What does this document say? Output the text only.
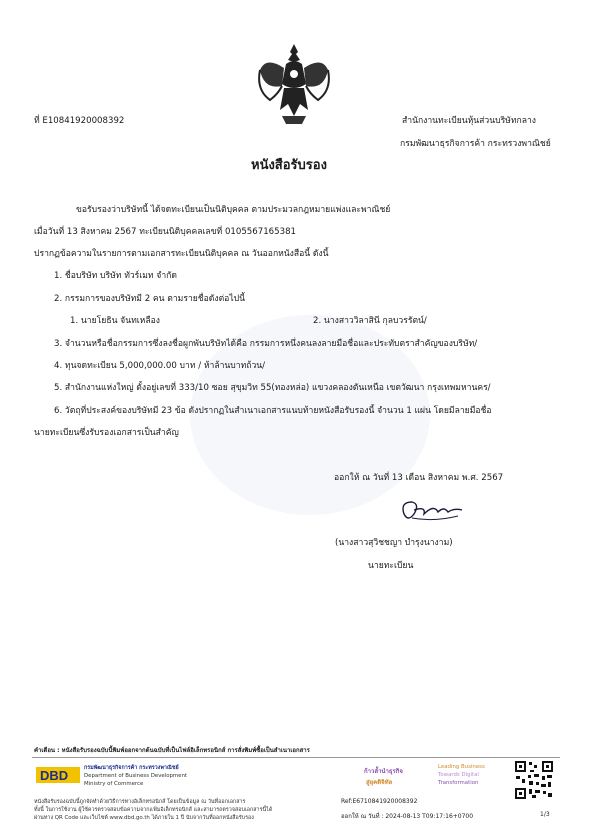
ที่ E10841920008392	สำนักงานทะเบียนหุ้นส่วนบริษัทกลาง
กรมพัฒนาธุรกิจการค้า กระทรวงพาณิชย์
หนังสือรับรอง
ขอรับรองว่าบริษัทนี้ ได้จดทะเบียนเป็นนิติบุคคล ตามประมวลกฎหมายแพ่งและพาณิชย์
เมื่อวันที่ 13 สิงหาคม 2567 ทะเบียนนิติบุคคลเลขที่ 0105567165381
ปรากฏข้อความในรายการตามเอกสารทะเบียนนิติบุคคล ณ วันออกหนังสือนี้ ดังนี้
1. ชื่อบริษัท บริษัท ทัวร์เมท จำกัด
2. กรรมการของบริษัทมี 2 คน ตามรายชื่อดังต่อไปนี้
1. นายโยธิน จันทเหลือง	2. นางสาววิลาสินี กุลบวรรัตน์/
3. จำนวนหรือชื่อกรรมการซึ่งลงชื่อผูกพันบริษัทได้คือ กรรมการหนึ่งคนลงลายมือชื่อและประทับตราสำคัญของบริษัท/
4. ทุนจดทะเบียน 5,000,000.00 บาท / ห้าล้านบาทถ้วน/
5. สำนักงานแห่งใหญ่ ตั้งอยู่เลขที่ 333/10 ซอย สุขุมวิท 55(ทองหล่อ) แขวงคลองตันเหนือ เขตวัฒนา กรุงเทพมหานคร/
6. วัตถุที่ประสงค์ของบริษัทมี 23 ข้อ ดังปรากฏในสำเนาเอกสารแนบท้ายหนังสือรับรองนี้ จำนวน 1 แผ่น โดยมีลายมือชื่อ
นายทะเบียนซึ่งรับรองเอกสารเป็นสำคัญ
ออกให้ ณ วันที่ 13 เดือน สิงหาคม พ.ศ. 2567
(นางสาวสุวิชชญา บำรุงนางาม)
นายทะเบียน
คำเตือน : หนังสือรับรองฉบับนี้พิมพ์ออกจากต้นฉบับที่เป็นไฟล์อิเล็กทรอนิกส์ การสั่งพิมพ์ซื้อเป็นสำเนาเอกสาร
DBD	กรมพัฒนาธุรกิจการค้า กระทรวงพาณิชย์
Department of Business Development
Ministry of Commerce
ก้าวล้ำนำธุรกิจ
สู่ยุคดิจิทัล
Leading Business
Towards Digital
Transformation
หนังสือรับรองฉบับนี้ถูกจัดทำด้วยวิธีการทางอิเล็กทรอนิกส์ โดยเป็นข้อมูล ณ วันที่ออกเอกสาร
ทั้งนี้ ในการใช้งาน ผู้ใช้ควรตรวจสอบข้อความจากแฟ้มอิเล็กทรอนิกส์ และสามารถตรวจสอบเอกสารนี้ได้
ผ่านทาง QR Code และเว็บไซต์ www.dbd.go.th ได้ภายใน 1 ปี นับจากวันที่ออกหนังสือรับรอง
Ref:E6710841920008392
ออกให้ ณ วันที่ : 2024-08-13 T09:17:16+0700	1/3
